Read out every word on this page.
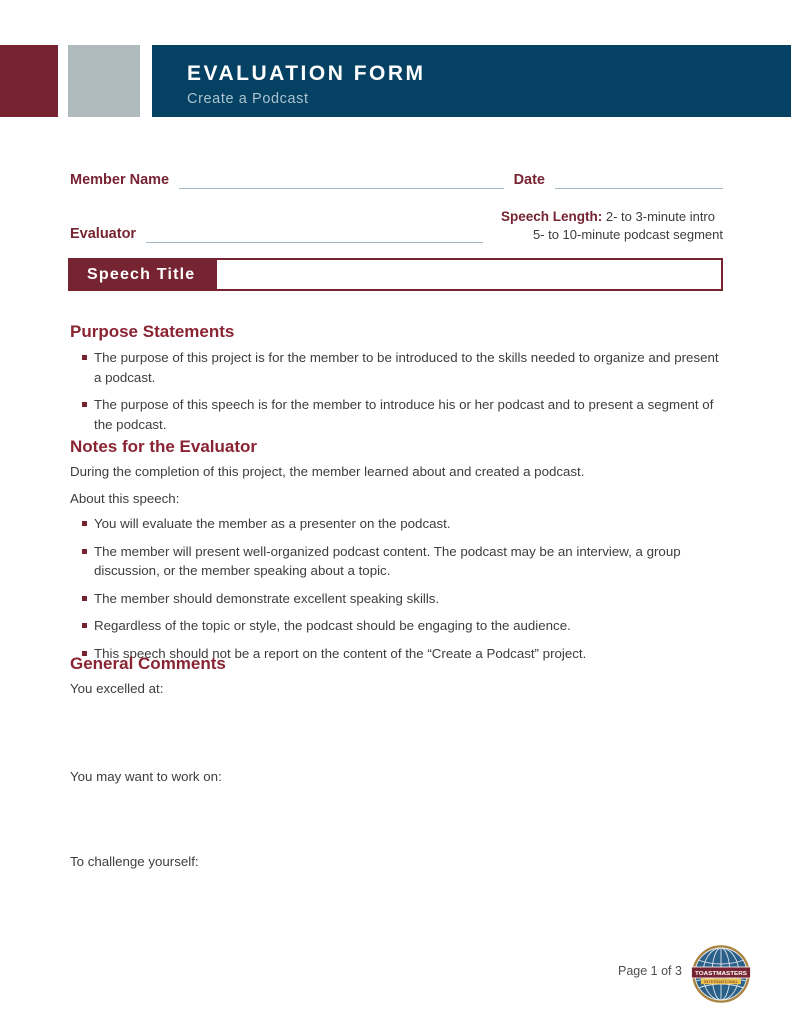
EVALUATION FORM
Create a Podcast
Member Name	Date
Evaluator
Speech Length: 2- to 3-minute intro
5- to 10-minute podcast segment
Speech Title
Purpose Statements
The purpose of this project is for the member to be introduced to the skills needed to organize and present a podcast.
The purpose of this speech is for the member to introduce his or her podcast and to present a segment of the podcast.
Notes for the Evaluator
During the completion of this project, the member learned about and created a podcast.
About this speech:
You will evaluate the member as a presenter on the podcast.
The member will present well-organized podcast content. The podcast may be an interview, a group discussion, or the member speaking about a topic.
The member should demonstrate excellent speaking skills.
Regardless of the topic or style, the podcast should be engaging to the audience.
This speech should not be a report on the content of the “Create a Podcast” project.
General Comments
You excelled at:
You may want to work on:
To challenge yourself:
Page 1 of 3 TOASTMASTERS
INTERNATIONAL
